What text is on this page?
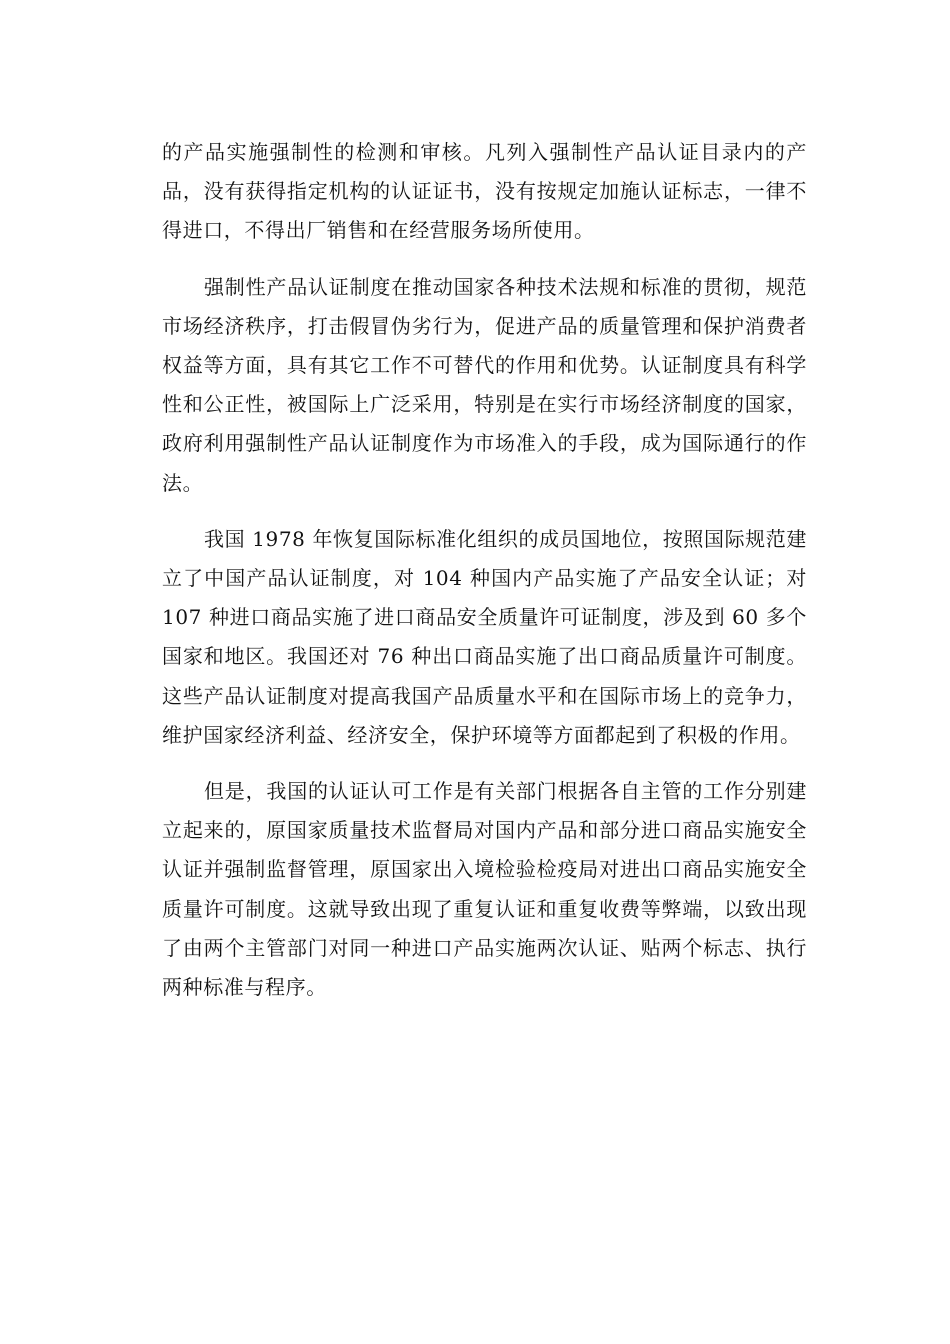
的产品实施强制性的检测和审核。凡列入强制性产品认证目录内的产品，没有获得指定机构的认证证书，没有按规定加施认证标志，一律不得进口，不得出厂销售和在经营服务场所使用。

强制性产品认证制度在推动国家各种技术法规和标准的贯彻，规范市场经济秩序，打击假冒伪劣行为，促进产品的质量管理和保护消费者权益等方面，具有其它工作不可替代的作用和优势。认证制度具有科学性和公正性，被国际上广泛采用，特别是在实行市场经济制度的国家，政府利用强制性产品认证制度作为市场准入的手段，成为国际通行的作法。

我国 1978 年恢复国际标准化组织的成员国地位，按照国际规范建立了中国产品认证制度，对 104 种国内产品实施了产品安全认证；对 107 种进口商品实施了进口商品安全质量许可证制度，涉及到 60 多个国家和地区。我国还对 76 种出口商品实施了出口商品质量许可制度。这些产品认证制度对提高我国产品质量水平和在国际市场上的竞争力，维护国家经济利益、经济安全，保护环境等方面都起到了积极的作用。

但是，我国的认证认可工作是有关部门根据各自主管的工作分别建立起来的，原国家质量技术监督局对国内产品和部分进口商品实施安全认证并强制监督管理，原国家出入境检验检疫局对进出口商品实施安全质量许可制度。这就导致出现了重复认证和重复收费等弊端，以致出现了由两个主管部门对同一种进口产品实施两次认证、贴两个标志、执行两种标准与程序。
